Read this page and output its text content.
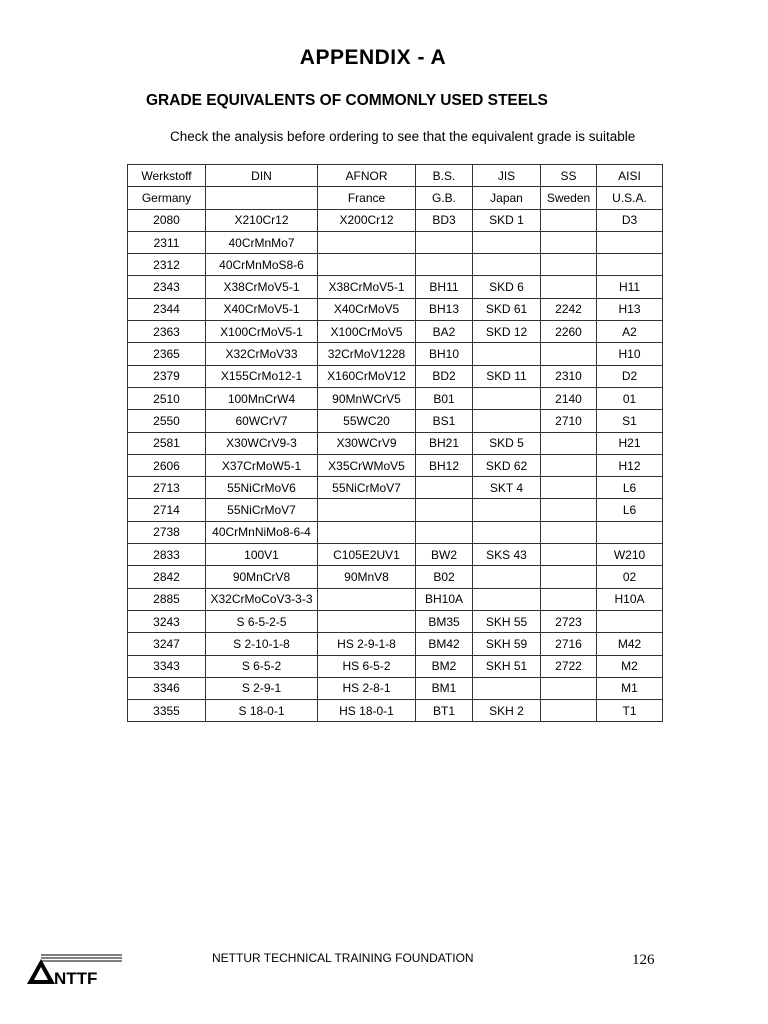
APPENDIX - A
GRADE EQUIVALENTS OF COMMONLY USED STEELS
Check the analysis before ordering to see that the equivalent grade is suitable
Werkstoff	DIN	AFNOR	B.S.	JIS	SS	AISI
Germany		France	G.B.	Japan	Sweden	U.S.A.
2080	X210Cr12	X200Cr12	BD3	SKD 1		D3
2311	40CrMnMo7					
2312	40CrMnMoS8-6					
2343	X38CrMoV5-1	X38CrMoV5-1	BH11	SKD 6		H11
2344	X40CrMoV5-1	X40CrMoV5	BH13	SKD 61	2242	H13
2363	X100CrMoV5-1	X100CrMoV5	BA2	SKD 12	2260	A2
2365	X32CrMoV33	32CrMoV1228	BH10			H10
2379	X155CrMo12-1	X160CrMoV12	BD2	SKD 11	2310	D2
2510	100MnCrW4	90MnWCrV5	B01		2140	01
2550	60WCrV7	55WC20	BS1		2710	S1
2581	X30WCrV9-3	X30WCrV9	BH21	SKD 5		H21
2606	X37CrMoW5-1	X35CrWMoV5	BH12	SKD 62		H12
2713	55NiCrMoV6	55NiCrMoV7		SKT 4		L6
2714	55NiCrMoV7					L6
2738	40CrMnNiMo8-6-4					
2833	100V1	C105E2UV1	BW2	SKS 43		W210
2842	90MnCrV8	90MnV8	B02			02
2885	X32CrMoCoV3-3-3		BH10A			H10A
3243	S 6-5-2-5		BM35	SKH 55	2723	
3247	S 2-10-1-8	HS 2-9-1-8	BM42	SKH 59	2716	M42
3343	S 6-5-2	HS 6-5-2	BM2	SKH 51	2722	M2
3346	S 2-9-1	HS 2-8-1	BM1			M1
3355	S 18-0-1	HS 18-0-1	BT1	SKH 2		T1
NTTF
NETTUR TECHNICAL TRAINING FOUNDATION	126
